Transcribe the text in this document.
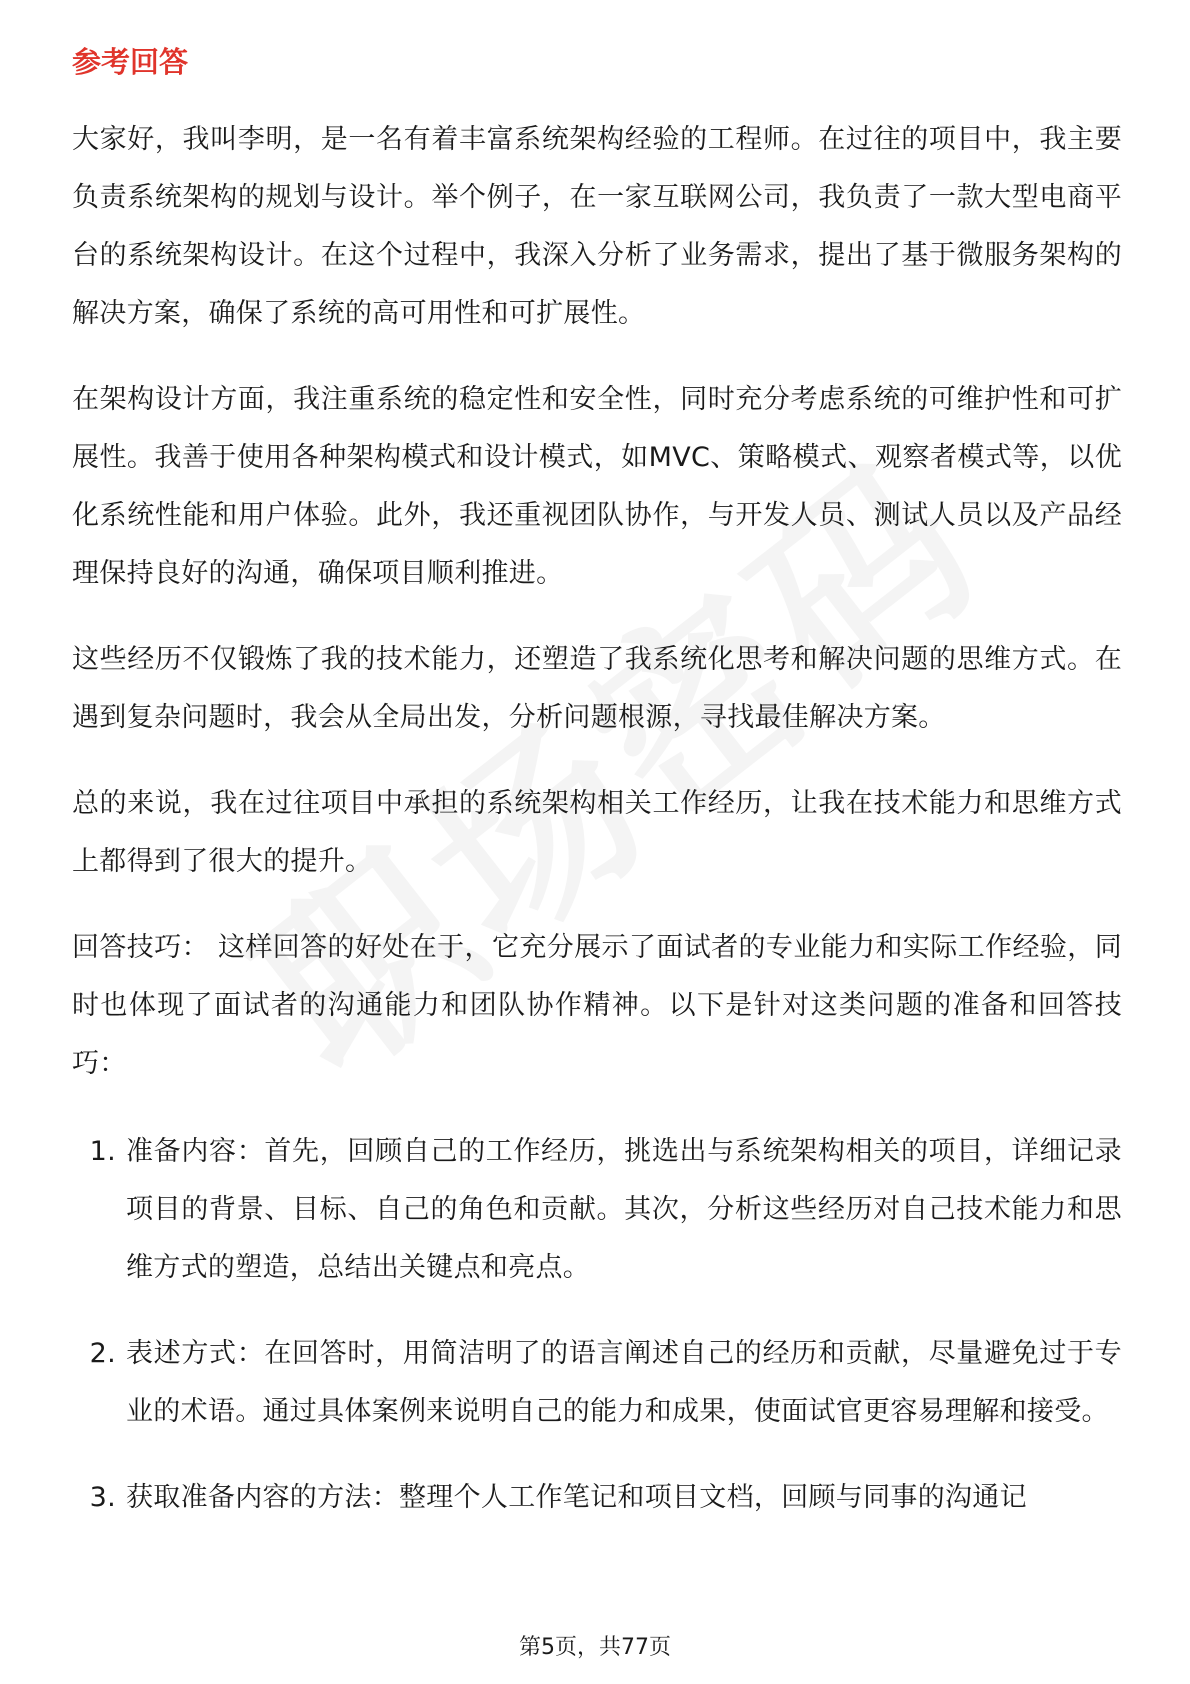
参考回答

大家好，我叫李明，是一名有着丰富系统架构经验的工程师。在过往的项目中，我主要负责系统架构的规划与设计。举个例子，在一家互联网公司，我负责了一款大型电商平台的系统架构设计。在这个过程中，我深入分析了业务需求，提出了基于微服务架构的解决方案，确保了系统的高可用性和可扩展性。

在架构设计方面，我注重系统的稳定性和安全性，同时充分考虑系统的可维护性和可扩展性。我善于使用各种架构模式和设计模式，如MVC、策略模式、观察者模式等，以优化系统性能和用户体验。此外，我还重视团队协作，与开发人员、测试人员以及产品经理保持良好的沟通，确保项目顺利推进。

这些经历不仅锻炼了我的技术能力，还塑造了我系统化思考和解决问题的思维方式。在遇到复杂问题时，我会从全局出发，分析问题根源，寻找最佳解决方案。

总的来说，我在过往项目中承担的系统架构相关工作经历，让我在技术能力和思维方式上都得到了很大的提升。

回答技巧： 这样回答的好处在于，它充分展示了面试者的专业能力和实际工作经验，同时也体现了面试者的沟通能力和团队协作精神。以下是针对这类问题的准备和回答技巧：

1. 准备内容：首先，回顾自己的工作经历，挑选出与系统架构相关的项目，详细记录项目的背景、目标、自己的角色和贡献。其次，分析这些经历对自己技术能力和思维方式的塑造，总结出关键点和亮点。
2. 表述方式：在回答时，用简洁明了的语言阐述自己的经历和贡献，尽量避免过于专业的术语。通过具体案例来说明自己的能力和成果，使面试官更容易理解和接受。
3. 获取准备内容的方法：整理个人工作笔记和项目文档，回顾与同事的沟通记
第5页，共77页
